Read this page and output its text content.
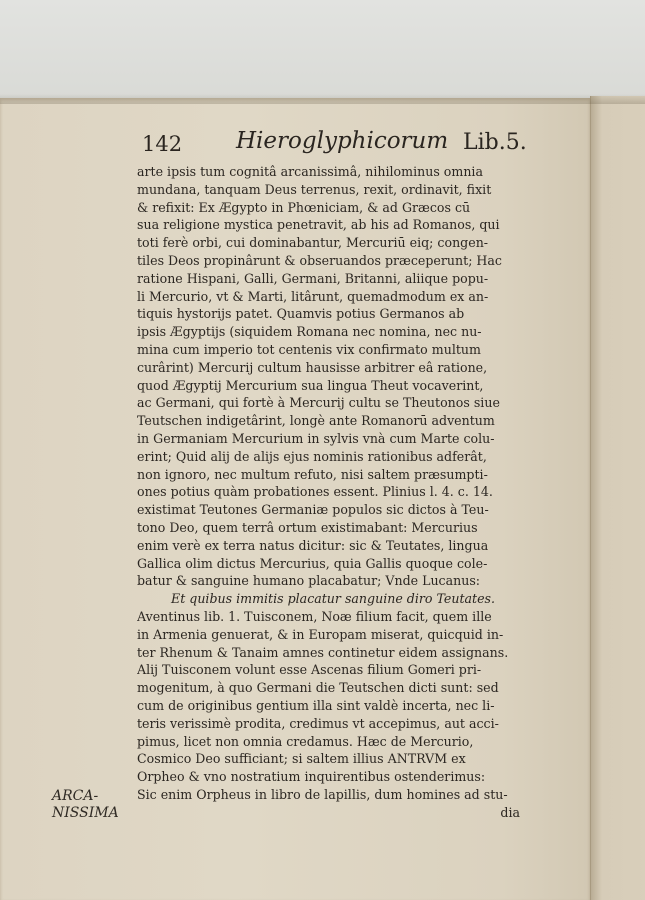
142 Hieroglyphicorum Lib.5.
arte ipsis tum cognitâ arcanissimâ, nihilominus omnia
mundana, tanquam Deus terrenus, rexit, ordinavit, fixit
& refixit: Ex Ægypto in Phœniciam, & ad Græcos cū
sua religione mystica penetravit, ab his ad Romanos, qui
toti ferè orbi, cui dominabantur, Mercuriū eiq; congen-
tiles Deos propinârunt & obseruandos præceperunt; Hac
ratione Hispani, Galli, Germani, Britanni, aliique popu-
li Mercurio, vt & Marti, litârunt, quemadmodum ex an-
tiquis hystorijs patet. Quamvis potius Germanos ab
ipsis Ægyptijs (siquidem Romana nec nomina, nec nu-
mina cum imperio tot centenis vix confirmato multum
curârint) Mercurij cultum hausisse arbitrer eâ ratione,
quod Ægyptij Mercurium sua lingua Theut vocaverint,
ac Germani, qui fortè à Mercurij cultu se Theutonos siue
Teutschen indigetârint, longè ante Romanorū adventum
in Germaniam Mercurium in sylvis vnà cum Marte colu-
erint; Quid alij de alijs ejus nominis rationibus adferât,
non ignoro, nec multum refuto, nisi saltem præsumpti-
ones potius quàm probationes essent. Plinius l. 4. c. 14.
existimat Teutones Germaniæ populos sic dictos à Teu-
tono Deo, quem terrâ ortum existimabant: Mercurius
enim verè ex terra natus dicitur: sic & Teutates, lingua
Gallica olim dictus Mercurius, quia Gallis quoque cole-
batur & sanguine humano placabatur; Vnde Lucanus:
Et quibus immitis placatur sanguine diro Teutates.
Aventinus lib. 1. Tuisconem, Noæ filium facit, quem ille
in Armenia genuerat, & in Europam miserat, quicquid in-
ter Rhenum & Tanaim amnes continetur eidem assignans.
Alij Tuisconem volunt esse Ascenas filium Gomeri pri-
mogenitum, à quo Germani die Teutschen dicti sunt: sed
cum de originibus gentium illa sint valdè incerta, nec li-
teris verissimè prodita, credimus vt accepimus, aut acci-
pimus, licet non omnia credamus. Hæc de Mercurio,
Cosmico Deo sufficiant; si saltem illius ANTRVM ex
Orpheo & vno nostratium inquirentibus ostenderimus:
Sic enim Orpheus in libro de lapillis, dum homines ad stu-
dia
ARCA-
NISSIMA
